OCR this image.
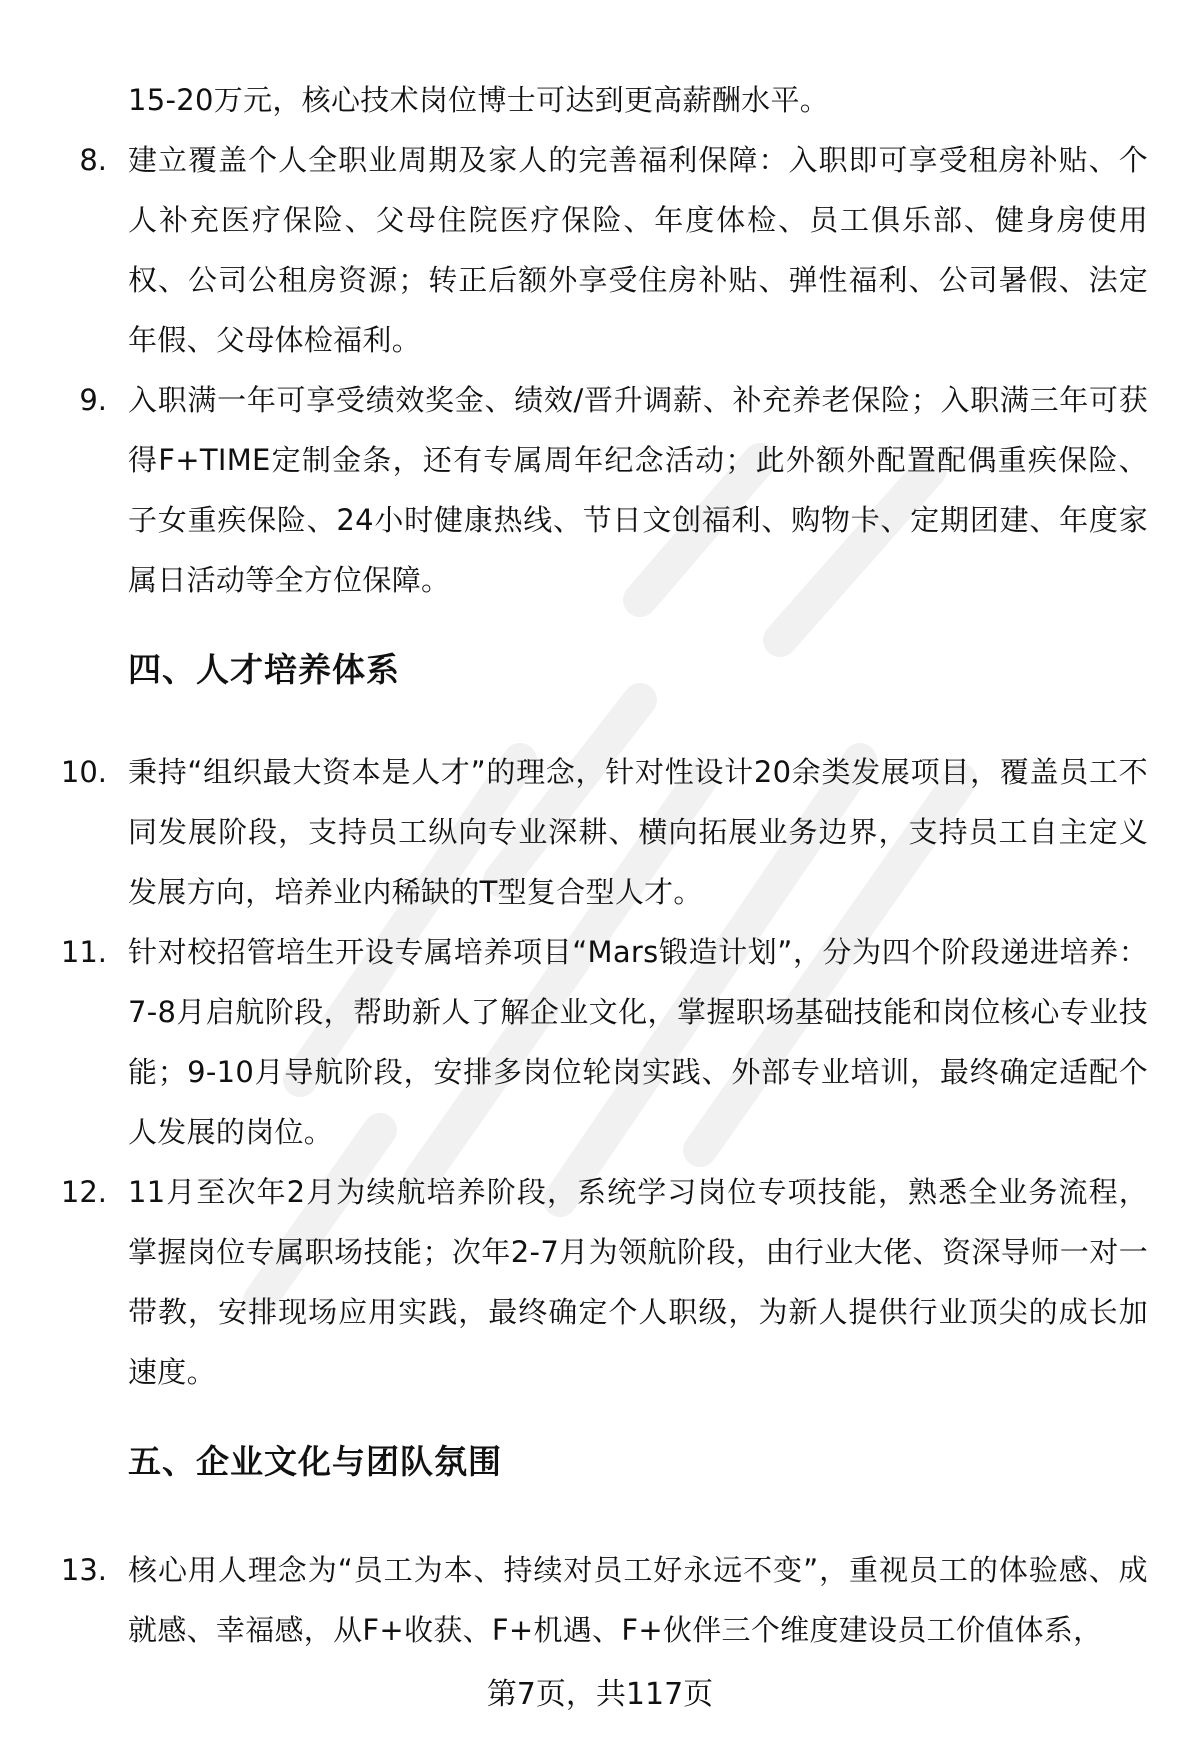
15-20万元，核心技术岗位博士可达到更高薪酬水平。
8. 建立覆盖个人全职业周期及家人的完善福利保障：入职即可享受租房补贴、个人补充医疗保险、父母住院医疗保险、年度体检、员工俱乐部、健身房使用权、公司公租房资源；转正后额外享受住房补贴、弹性福利、公司暑假、法定年假、父母体检福利。
9. 入职满一年可享受绩效奖金、绩效/晋升调薪、补充养老保险；入职满三年可获得F+TIME定制金条，还有专属周年纪念活动；此外额外配置配偶重疾保险、子女重疾保险、24小时健康热线、节日文创福利、购物卡、定期团建、年度家属日活动等全方位保障。
四、人才培养体系
10. 秉持“组织最大资本是人才”的理念，针对性设计20余类发展项目，覆盖员工不同发展阶段，支持员工纵向专业深耕、横向拓展业务边界，支持员工自主定义发展方向，培养业内稀缺的T型复合型人才。
11. 针对校招管培生开设专属培养项目“Mars锻造计划”，分为四个阶段递进培养：7-8月启航阶段，帮助新人了解企业文化，掌握职场基础技能和岗位核心专业技能；9-10月导航阶段，安排多岗位轮岗实践、外部专业培训，最终确定适配个人发展的岗位。
12. 11月至次年2月为续航培养阶段，系统学习岗位专项技能，熟悉全业务流程，掌握岗位专属职场技能；次年2-7月为领航阶段，由行业大佬、资深导师一对一带教，安排现场应用实践，最终确定个人职级，为新人提供行业顶尖的成长加速度。
五、企业文化与团队氛围
13. 核心用人理念为“员工为本、持续对员工好永远不变”，重视员工的体验感、成就感、幸福感，从F+收获、F+机遇、F+伙伴三个维度建设员工价值体系，
第7页，共117页
